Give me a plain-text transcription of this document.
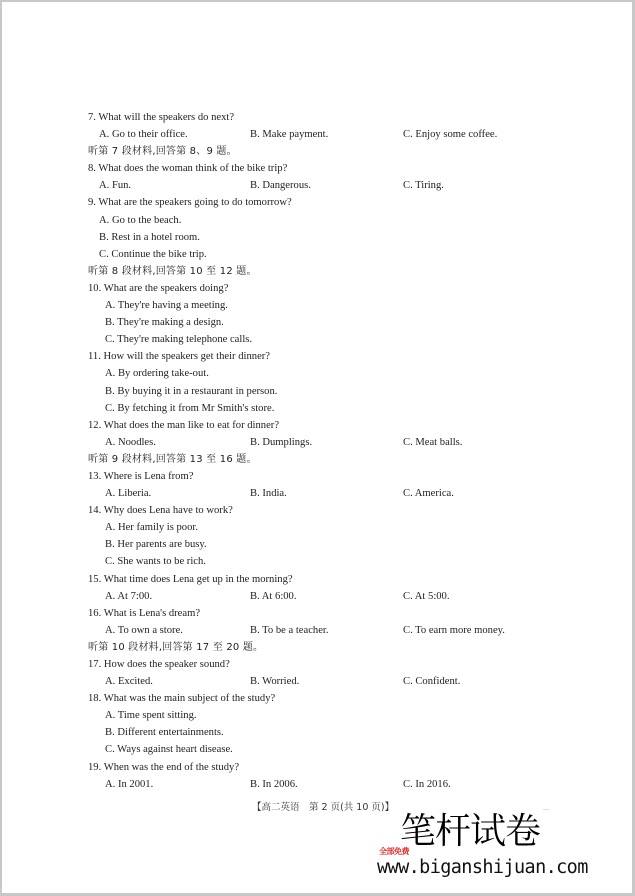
7. What will the speakers do next?
A. Go to their office.	B. Make payment.	C. Enjoy some coffee.
听第 7 段材料,回答第 8、9 题。
8. What does the woman think of the bike trip?
A. Fun.	B. Dangerous.	C. Tiring.
9. What are the speakers going to do tomorrow?
A. Go to the beach.
B. Rest in a hotel room.
C. Continue the bike trip.
听第 8 段材料,回答第 10 至 12 题。
10. What are the speakers doing?
A. They're having a meeting.
B. They're making a design.
C. They're making telephone calls.
11. How will the speakers get their dinner?
A. By ordering take-out.
B. By buying it in a restaurant in person.
C. By fetching it from Mr Smith's store.
12. What does the man like to eat for dinner?
A. Noodles.	B. Dumplings.	C. Meat balls.
听第 9 段材料,回答第 13 至 16 题。
13. Where is Lena from?
A. Liberia.	B. India.	C. America.
14. Why does Lena have to work?
A. Her family is poor.
B. Her parents are busy.
C. She wants to be rich.
15. What time does Lena get up in the morning?
A. At 7:00.	B. At 6:00.	C. At 5:00.
16. What is Lena's dream?
A. To own a store.	B. To be a teacher.	C. To earn more money.
听第 10 段材料,回答第 17 至 20 题。
17. How does the speaker sound?
A. Excited.	B. Worried.	C. Confident.
18. What was the main subject of the study?
A. Time spent sitting.
B. Different entertainments.
C. Ways against heart disease.
19. When was the end of the study?
A. In 2001.	B. In 2006.	C. In 2016.
【高二英语　第 2 页(共 10 页)】
笔杆试卷
全部免费
www.biganshijuan.com
